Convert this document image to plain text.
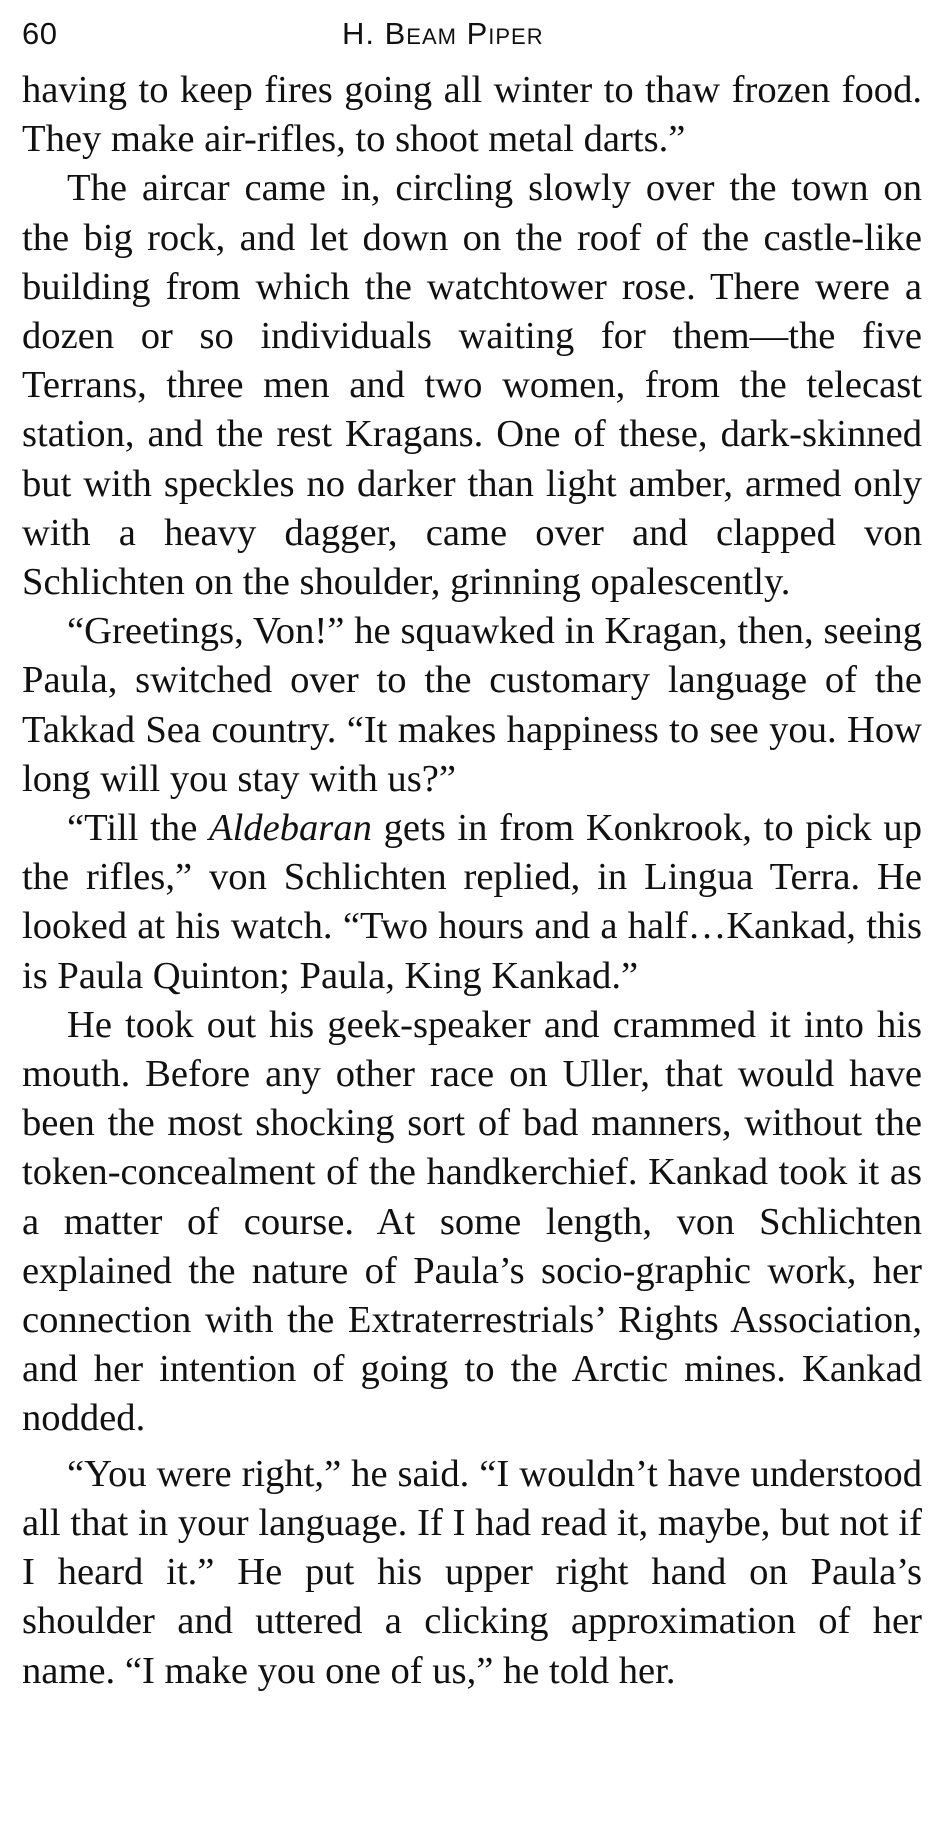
60	H. Beam Piper

having to keep fires going all winter to thaw frozen food. They make air-rifles, to shoot metal darts.”

The aircar came in, circling slowly over the town on the big rock, and let down on the roof of the castle-like building from which the watchtower rose. There were a dozen or so individuals waiting for them—the five Terrans, three men and two women, from the telecast station, and the rest Kragans. One of these, dark-skinned but with speckles no darker than light amber, armed only with a heavy dagger, came over and clapped von Schlichten on the shoulder, grinning opalescently.

“Greetings, Von!” he squawked in Kragan, then, seeing Paula, switched over to the customary language of the Takkad Sea country. “It makes happiness to see you. How long will you stay with us?”

“Till the Aldebaran gets in from Konkrook, to pick up the rifles,” von Schlichten replied, in Lingua Terra. He looked at his watch. “Two hours and a half…Kankad, this is Paula Quinton; Paula, King Kankad.”

He took out his geek-speaker and crammed it into his mouth. Before any other race on Uller, that would have been the most shocking sort of bad manners, without the token-concealment of the handkerchief. Kankad took it as a matter of course. At some length, von Schlichten explained the nature of Paula’s socio-graphic work, her connection with the Extraterrestrials’ Rights Association, and her intention of going to the Arctic mines. Kankad nodded.

“You were right,” he said. “I wouldn’t have understood all that in your language. If I had read it, maybe, but not if I heard it.” He put his upper right hand on Paula’s shoulder and uttered a clicking approximation of her name. “I make you one of us,” he told her.
